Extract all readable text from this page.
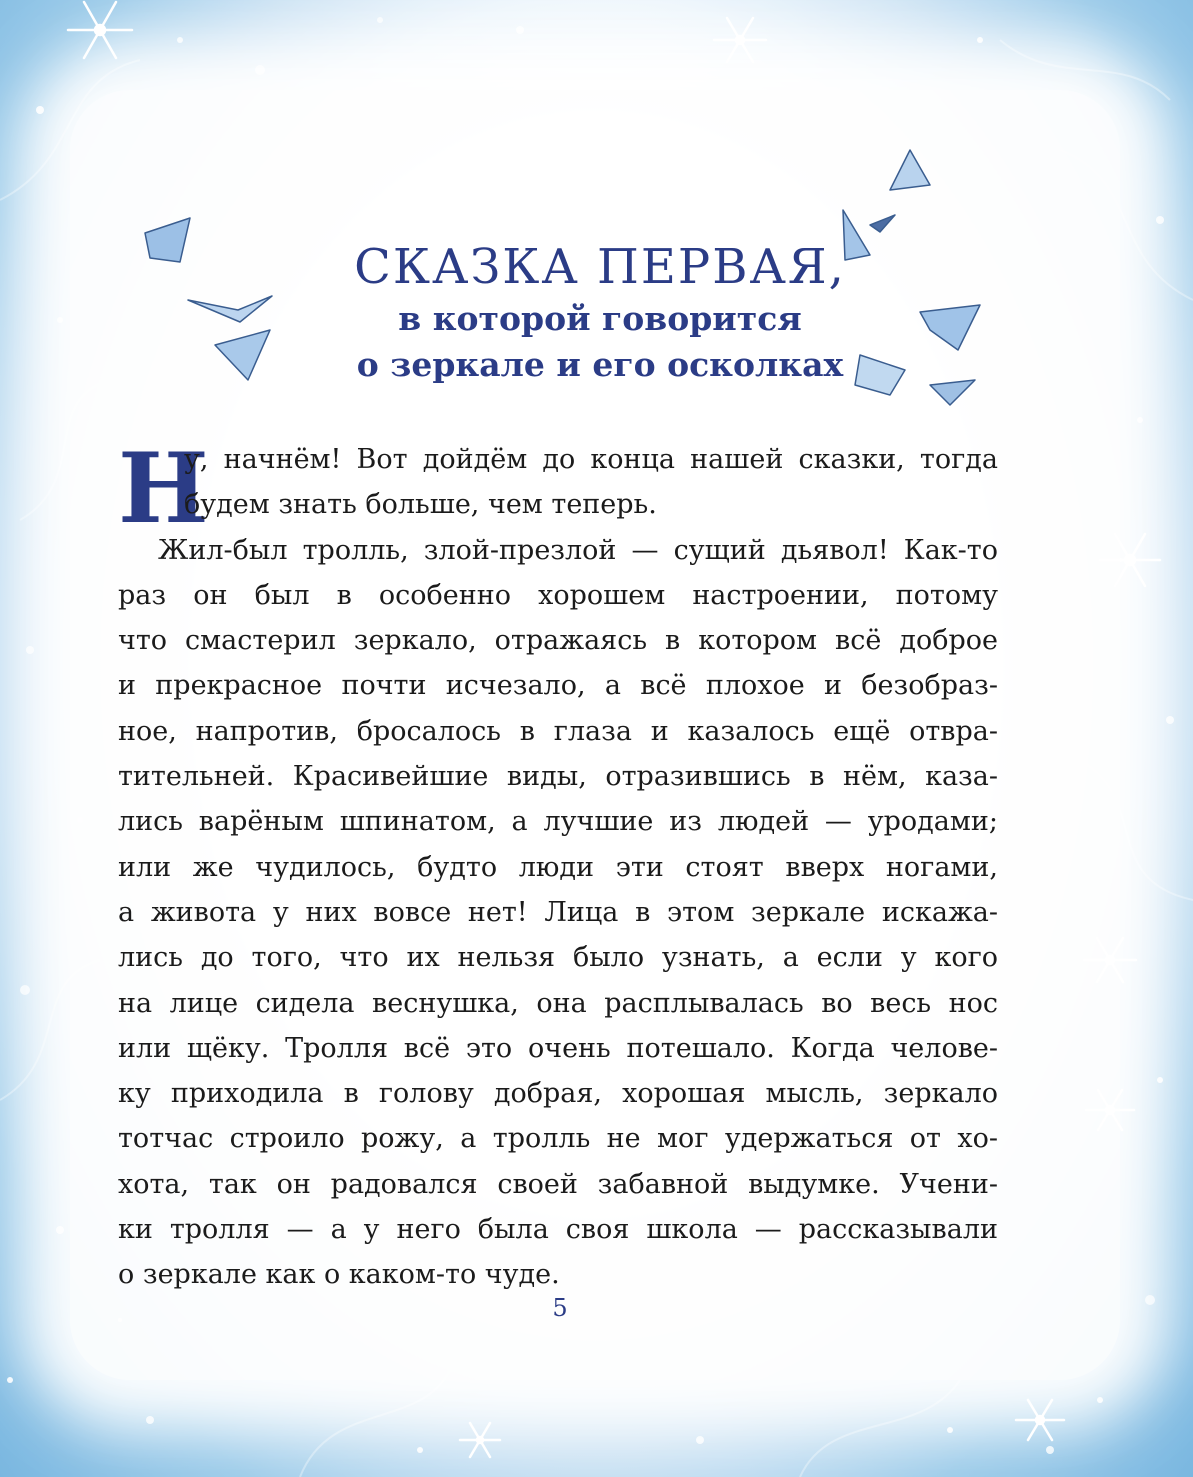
СКАЗКА ПЕРВАЯ,

в которой говорится

о зеркале и его осколках

Н
у, начнём! Вот дойдём до конца нашей сказки, тогда
будем знать больше, чем теперь.
Жил-был тролль, злой-презлой — сущий дьявол! Как-то
раз он был в особенно хорошем настроении, потому
что смастерил зеркало, отражаясь в котором всё доброе
и прекрасное почти исчезало, а всё плохое и безобраз-
ное, напротив, бросалось в глаза и казалось ещё отвра-
тительней. Красивейшие виды, отразившись в нём, каза-
лись варёным шпинатом, а лучшие из людей — уродами;
или же чудилось, будто люди эти стоят вверх ногами,
а живота у них вовсе нет! Лица в этом зеркале искажа-
лись до того, что их нельзя было узнать, а если у кого
на лице сидела веснушка, она расплывалась во весь нос
или щёку. Тролля всё это очень потешало. Когда челове-
ку приходила в голову добрая, хорошая мысль, зеркало
тотчас строило рожу, а тролль не мог удержаться от хо-
хота, так он радовался своей забавной выдумке. Учени-
ки тролля — а у него была своя школа — рассказывали
о зеркале как о каком-то чуде.
5
